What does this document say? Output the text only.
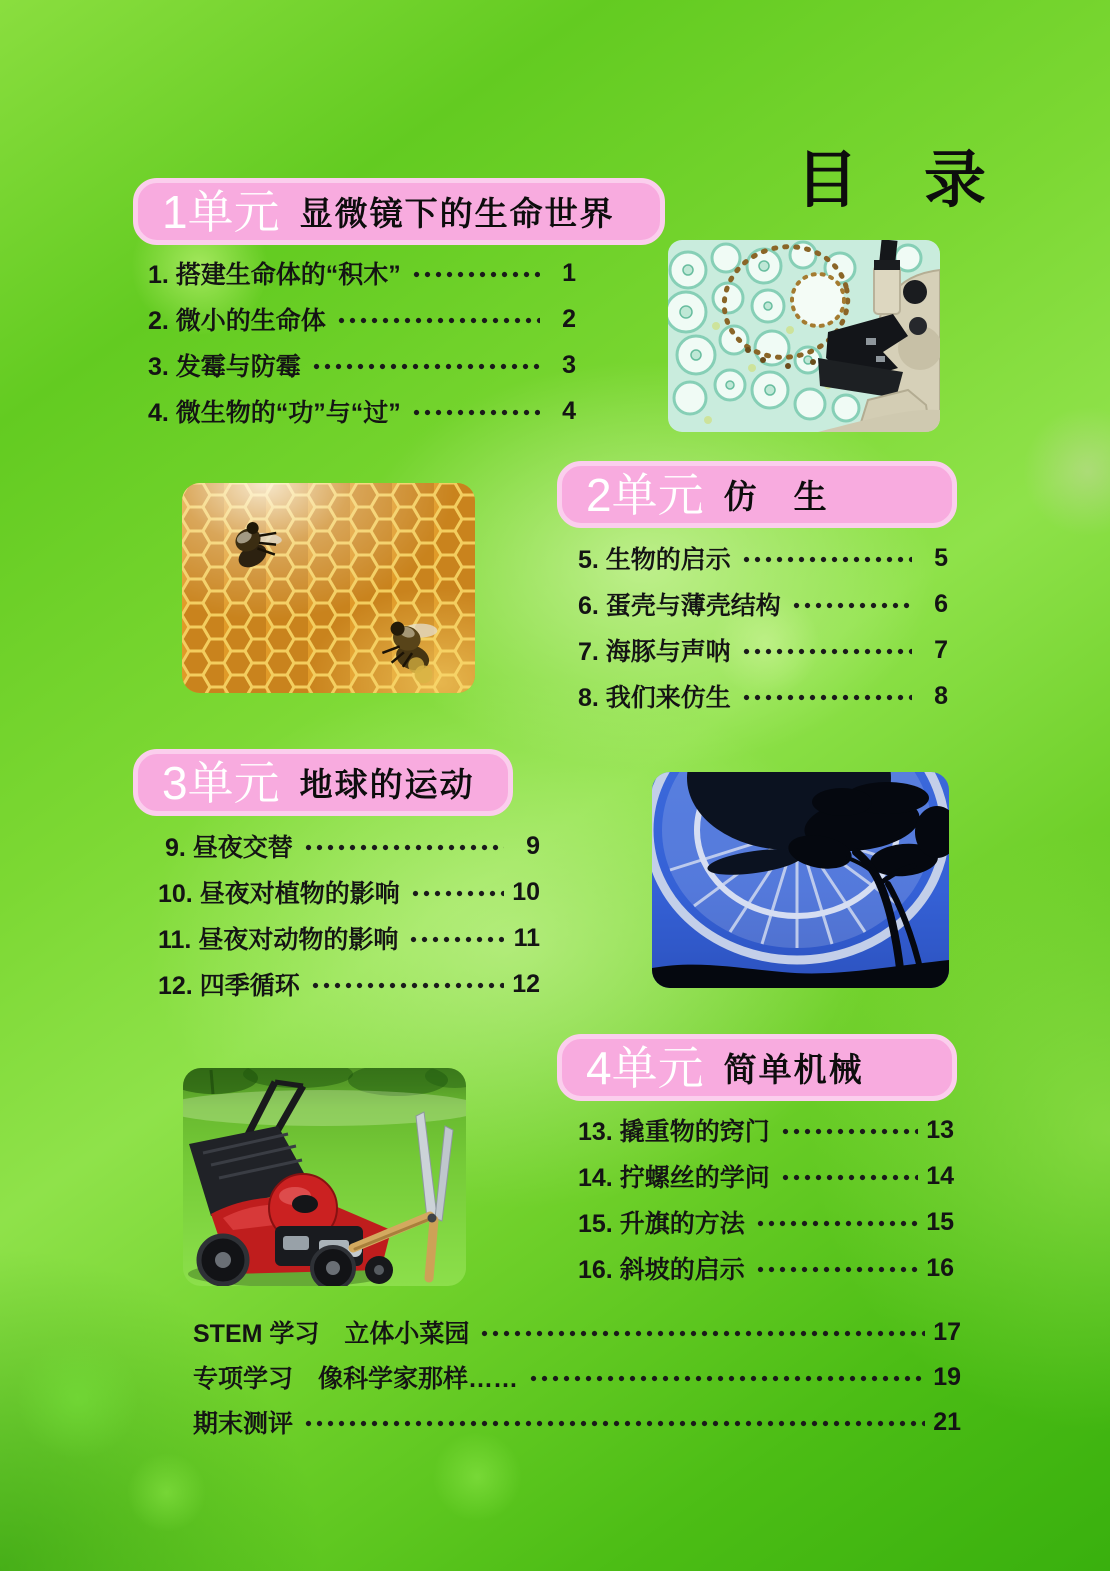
目　录
1单元 显微镜下的生命世界
1. 搭建生命体的“积木”	1
2. 微小的生命体	2
3. 发霉与防霉	3
4. 微生物的“功”与“过”	4
2单元 仿　生
5. 生物的启示	5
6. 蛋壳与薄壳结构	6
7. 海豚与声呐	7
8. 我们来仿生	8
3单元 地球的运动
9. 昼夜交替	9
10. 昼夜对植物的影响	10
11. 昼夜对动物的影响	11
12. 四季循环	12
4单元 简单机械
13. 撬重物的窍门	13
14. 拧螺丝的学问	14
15. 升旗的方法	15
16. 斜坡的启示	16
STEM 学习　立体小菜园	17
专项学习　像科学家那样……	19
期末测评	21
